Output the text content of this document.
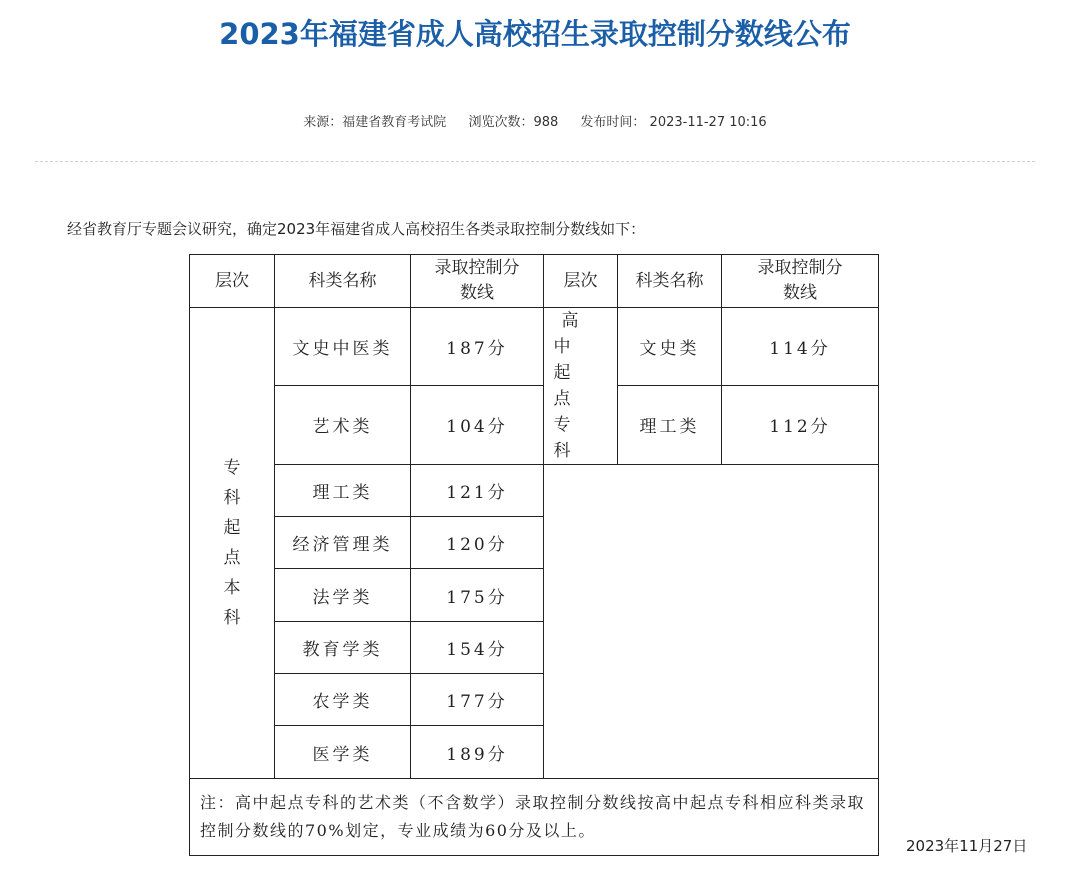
2023年福建省成人高校招生录取控制分数线公布
来源：福建省教育考试院 浏览次数：988 发布时间： 2023-11-27 10:16
经省教育厅专题会议研究，确定2023年福建省成人高校招生各类录取控制分数线如下：
层次	科类名称	录取控制分数线	层次	科类名称	录取控制分数线
专科起点本科	文史中医类	187分	高中起点专科	文史类	114分
	艺术类	104分		理工类	112分
	理工类	121分			
	经济管理类	120分			
	法学类	175分			
	教育学类	154分			
	农学类	177分			
	医学类	189分			
注：高中起点专科的艺术类（不含数学）录取控制分数线按高中起点专科相应科类录取控制分数线的70%划定，专业成绩为60分及以上。					
2023年11月27日
